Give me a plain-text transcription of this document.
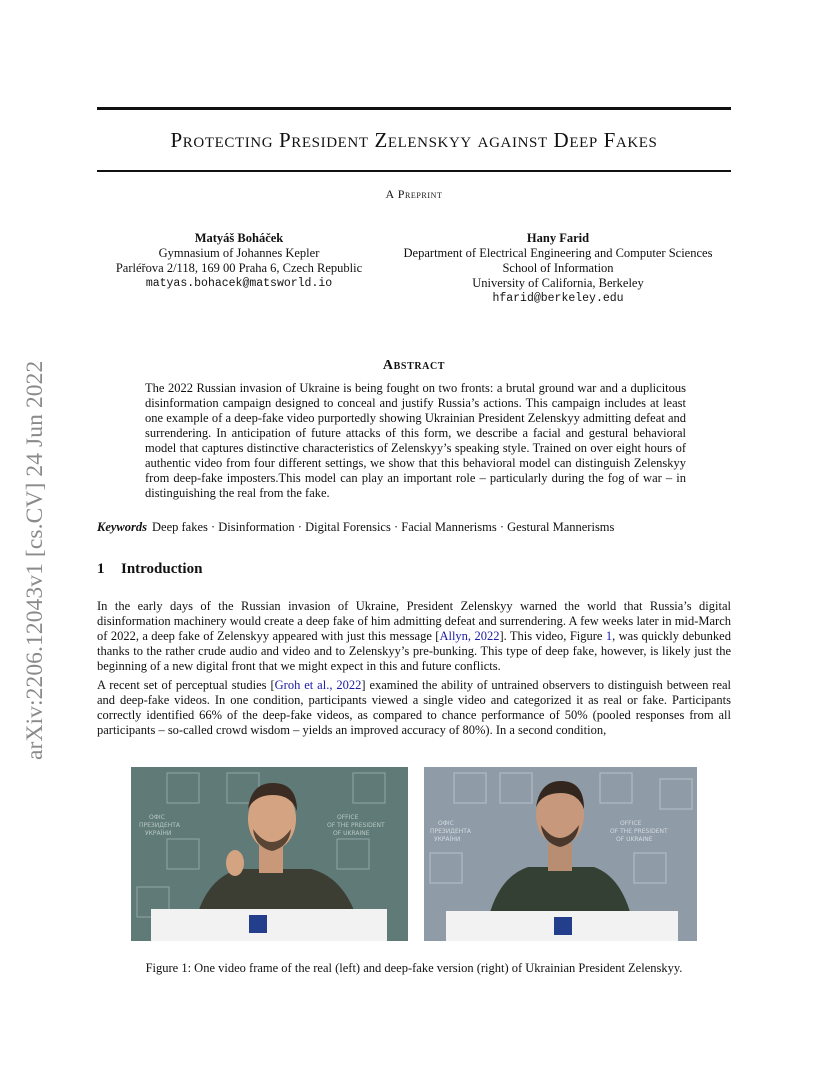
arXiv:2206.12043v1 [cs.CV] 24 Jun 2022
Protecting President Zelenskyy against Deep Fakes
A Preprint
Matyáš Boháček
Gymnasium of Johannes Kepler
Parléřova 2/118, 169 00 Praha 6, Czech Republic
matyas.bohacek@matsworld.io
Hany Farid
Department of Electrical Engineering and Computer Sciences
School of Information
University of California, Berkeley
hfarid@berkeley.edu
Abstract
The 2022 Russian invasion of Ukraine is being fought on two fronts: a brutal ground war and a duplicitous disinformation campaign designed to conceal and justify Russia’s actions. This campaign includes at least one example of a deep-fake video purportedly showing Ukrainian President Zelenskyy admitting defeat and surrendering. In anticipation of future attacks of this form, we describe a facial and gestural behavioral model that captures distinctive characteristics of Zelenskyy’s speaking style. Trained on over eight hours of authentic video from four different settings, we show that this behavioral model can distinguish Zelenskyy from deep-fake imposters.This model can play an important role – particularly during the fog of war – in distinguishing the real from the fake.
Keywords Deep fakes · Disinformation · Digital Forensics · Facial Mannerisms · Gestural Mannerisms
1 Introduction
In the early days of the Russian invasion of Ukraine, President Zelenskyy warned the world that Russia’s digital disinformation machinery would create a deep fake of him admitting defeat and surrendering. A few weeks later in mid-March of 2022, a deep fake of Zelenskyy appeared with just this message [Allyn, 2022]. This video, Figure 1, was quickly debunked thanks to the rather crude audio and video and to Zelenskyy’s pre-bunking. This type of deep fake, however, is likely just the beginning of a new digital front that we might expect in this and future conflicts.
A recent set of perceptual studies [Groh et al., 2022] examined the ability of untrained observers to distinguish between real and deep-fake videos. In one condition, participants viewed a single video and categorized it as real or fake. Participants correctly identified 66% of the deep-fake videos, as compared to chance performance of 50% (pooled responses from all participants – so-called crowd wisdom – yields an improved accuracy of 80%). In a second condition,
ОФІС
ПРЕЗИДЕНТА
УКРАЇНИ
OFFICE
OF THE PRESIDENT
OF UKRAINE
ОФІС
ПРЕЗИДЕНТА
УКРАЇНИ
OFFICE
OF THE PRESIDENT
OF UKRAINE
Figure 1: One video frame of the real (left) and deep-fake version (right) of Ukrainian President Zelenskyy.
